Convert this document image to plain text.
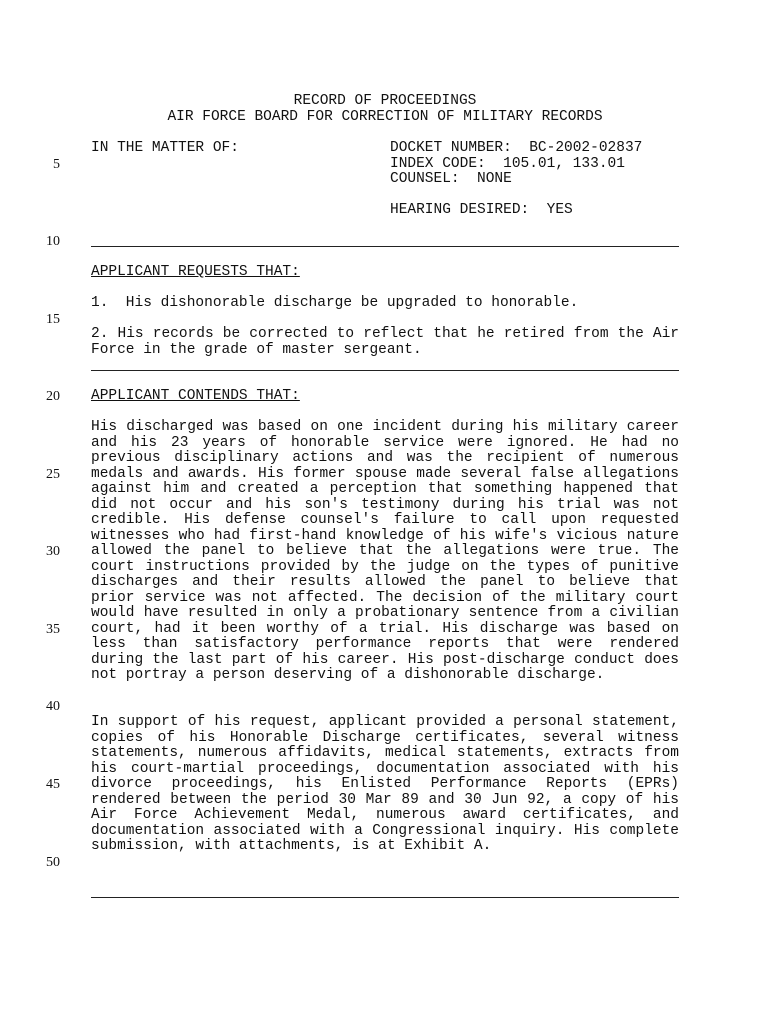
RECORD OF PROCEEDINGS
AIR FORCE BOARD FOR CORRECTION OF MILITARY RECORDS
IN THE MATTER OF:	DOCKET NUMBER:  BC-2002-02837
INDEX CODE:  105.01, 133.01
COUNSEL:  NONE
HEARING DESIRED:  YES
5
10
15
20
25
30
35
40
45
50
APPLICANT REQUESTS THAT:
1.  His dishonorable discharge be upgraded to honorable.
2. His records be corrected to reflect that he retired from the Air Force in the grade of master sergeant.
APPLICANT CONTENDS THAT:
His discharged was based on one incident during his military career and his 23 years of honorable service were ignored. He had no previous disciplinary actions and was the recipient of numerous medals and awards. His former spouse made several false allegations against him and created a perception that something happened that did not occur and his son's testimony during his trial was not credible. His defense counsel's failure to call upon requested witnesses who had first-hand knowledge of his wife's vicious nature allowed the panel to believe that the allegations were true. The court instructions provided by the judge on the types of punitive discharges and their results allowed the panel to believe that prior service was not affected. The decision of the military court would have resulted in only a probationary sentence from a civilian court, had it been worthy of a trial. His discharge was based on less than satisfactory performance reports that were rendered during the last part of his career. His post-discharge conduct does not portray a person deserving of a dishonorable discharge.
In support of his request, applicant provided a personal statement, copies of his Honorable Discharge certificates, several witness statements, numerous affidavits, medical statements, extracts from his court-martial proceedings, documentation associated with his divorce proceedings, his Enlisted Performance Reports (EPRs) rendered between the period 30 Mar 89 and 30 Jun 92, a copy of his Air Force Achievement Medal, numerous award certificates, and documentation associated with a Congressional inquiry. His complete submission, with attachments, is at Exhibit A.
